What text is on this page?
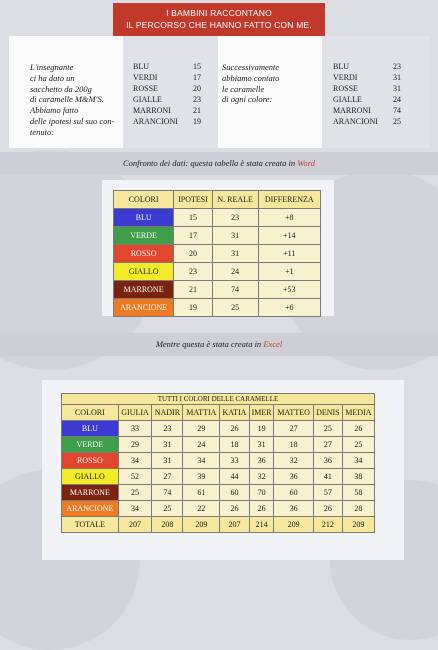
I BAMBINI RACCONTANO
IL PERCORSO CHE HANNO FATTO CON ME.
L'insegnante
ci ha dato un
sacchetto da 200g
di caramelle M&M'S.
Abbiamo fatto
delle ipotesi sul suo con-
tenuto:
BLU	15
VERDI	17
ROSSE	20
GIALLE	23
MARRONI	21
ARANCIONI	19
Successivamente
abbiamo contato
le caramelle
di ogni colore:
BLU	23
VERDI	31
ROSSE	31
GIALLE	24
MARRONI	74
ARANCIONI	25
Confronto dei dati: questa tabella è stata creata in Word
COLORI	IPOTESI	N. REALE	DIFFERENZA
BLU	15	23	+8
VERDE	17	31	+14
ROSSO	20	31	+11
GIALLO	23	24	+1
MARRONE	21	74	+53
ARANCIONE	19	25	+6
Mentre questa è stata creata in Excel
TUTTI I COLORI DELLE CARAMELLE								
COLORI	GIULIA	NADIR	MATTIA	KATIA	IMER	MATTEO	DENIS	MEDIA
BLU	33	23	29	26	19	27	25	26
VERDE	29	31	24	18	31	18	27	25
ROSSO	34	31	34	33	36	32	36	34
GIALLO	52	27	39	44	32	36	41	38
MARRONE	25	74	61	60	70	60	57	58
ARANCIONE	34	25	22	26	26	36	26	28
TOTALE	207	208	209	207	214	209	212	209
